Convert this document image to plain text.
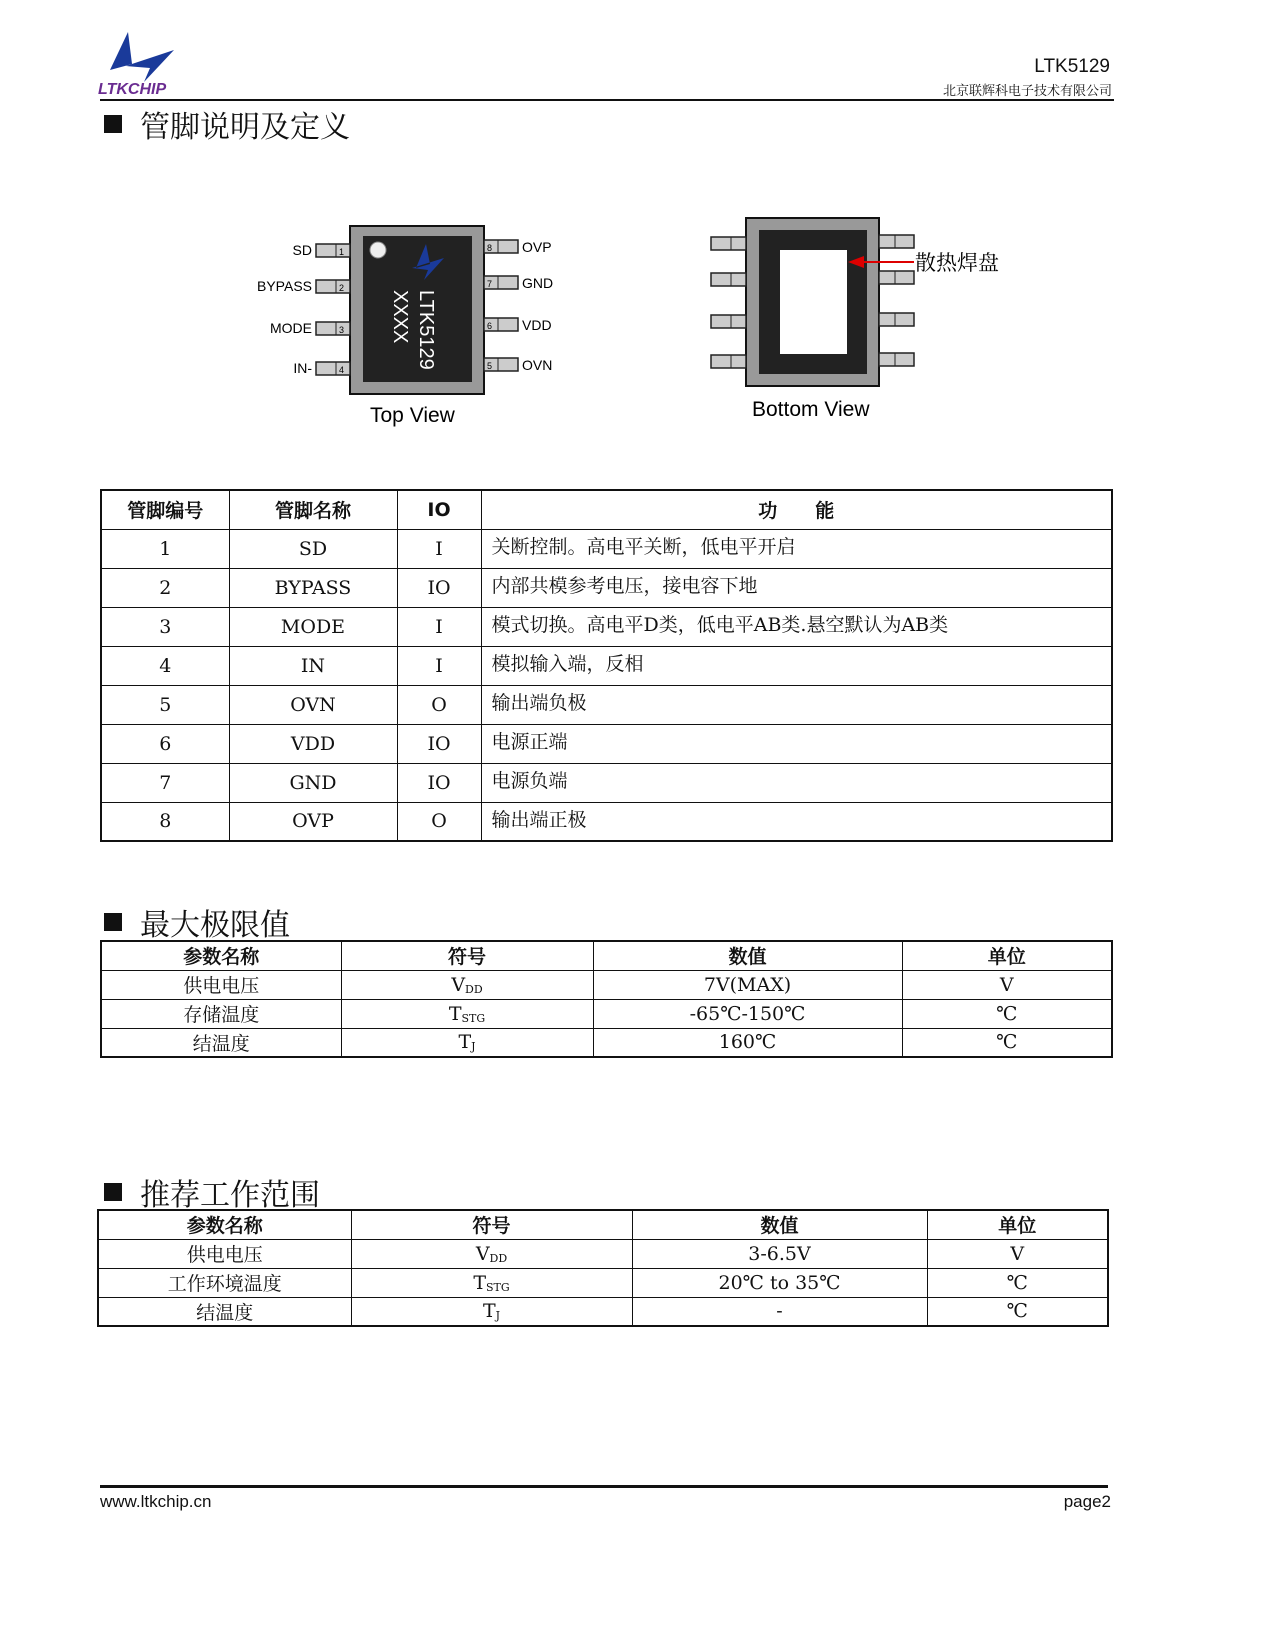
LTKCHIP
LTK5129
北京联辉科电子技术有限公司
管脚说明及定义
LTK5129
XXXX
1
SD
2
BYPASS
3
MODE
4
IN-
8 OVP
7 GND
6 VDD
5 OVN
Top View
散热焊盘
Bottom View
管脚编号	管脚名称	IO	功　　能
1	SD	I	关断控制。高电平关断，低电平开启
2	BYPASS	IO	内部共模参考电压，接电容下地
3	MODE	I	模式切换。高电平D类，低电平AB类.悬空默认为AB类
4	IN	I	模拟输入端，反相
5	OVN	O	输出端负极
6	VDD	IO	电源正端
7	GND	IO	电源负端
8	OVP	O	输出端正极
最大极限值
参数名称	符号	数值	单位
供电电压	$V_{DD}$	7V(MAX)	V
存储温度	$T_{STG}$	-65℃-150℃	℃
结温度	$T_J$	160℃	℃
推荐工作范围
参数名称	符号	数值	单位
供电电压	$V_{DD}$	3-6.5V	V
工作环境温度	$T_{STG}$	20℃ to 35℃	℃
结温度	$T_J$	-	℃
www.ltkchip.cn	page2
